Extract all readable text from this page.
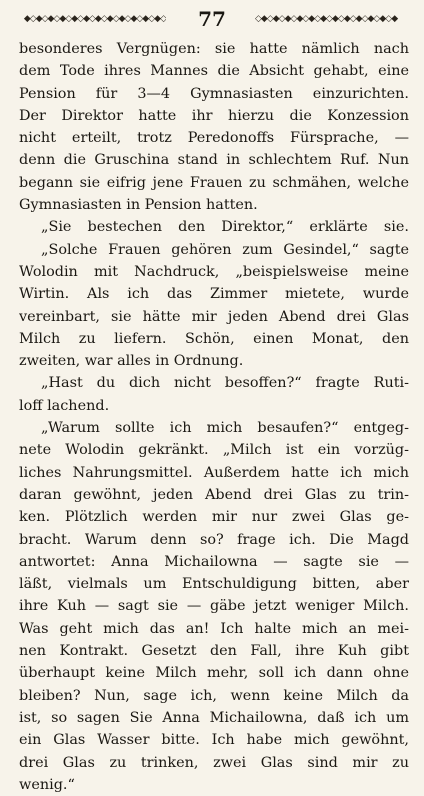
◆◇◆◇◆◇◆◇◆◇◆◇◆◇◆◇◆◇◆◇◆◇◆◇	77	◇◆◇◆◇◆◇◆◇◆◇◆◇◆◇◆◇◆◇◆◇◆◇◆
besonderes Vergnügen: sie hatte nämlich nach
dem Tode ihres Mannes die Absicht gehabt, eine
Pension für 3—4 Gymnasiasten einzurichten.
Der Direktor hatte ihr hierzu die Konzession
nicht erteilt, trotz Peredonoffs Fürsprache, —
denn die Gruschina stand in schlechtem Ruf. Nun
begann sie eifrig jene Frauen zu schmähen, welche
Gymnasiasten in Pension hatten.
„Sie bestechen den Direktor,“ erklärte sie.
„Solche Frauen gehören zum Gesindel,“ sagte
Wolodin mit Nachdruck, „beispielsweise meine
Wirtin. Als ich das Zimmer mietete, wurde
vereinbart, sie hätte mir jeden Abend drei Glas
Milch zu liefern. Schön, einen Monat, den
zweiten, war alles in Ordnung.
„Hast du dich nicht besoffen?“ fragte Ruti-
loff lachend.
„Warum sollte ich mich besaufen?“ entgeg-
nete Wolodin gekränkt. „Milch ist ein vorzüg-
liches Nahrungsmittel. Außerdem hatte ich mich
daran gewöhnt, jeden Abend drei Glas zu trin-
ken. Plötzlich werden mir nur zwei Glas ge-
bracht. Warum denn so? frage ich. Die Magd
antwortet: Anna Michailowna — sagte sie —
läßt, vielmals um Entschuldigung bitten, aber
ihre Kuh — sagt sie — gäbe jetzt weniger Milch.
Was geht mich das an! Ich halte mich an mei-
nen Kontrakt. Gesetzt den Fall, ihre Kuh gibt
überhaupt keine Milch mehr, soll ich dann ohne
bleiben? Nun, sage ich, wenn keine Milch da
ist, so sagen Sie Anna Michailowna, daß ich um
ein Glas Wasser bitte. Ich habe mich gewöhnt,
drei Glas zu trinken, zwei Glas sind mir zu
wenig.“
